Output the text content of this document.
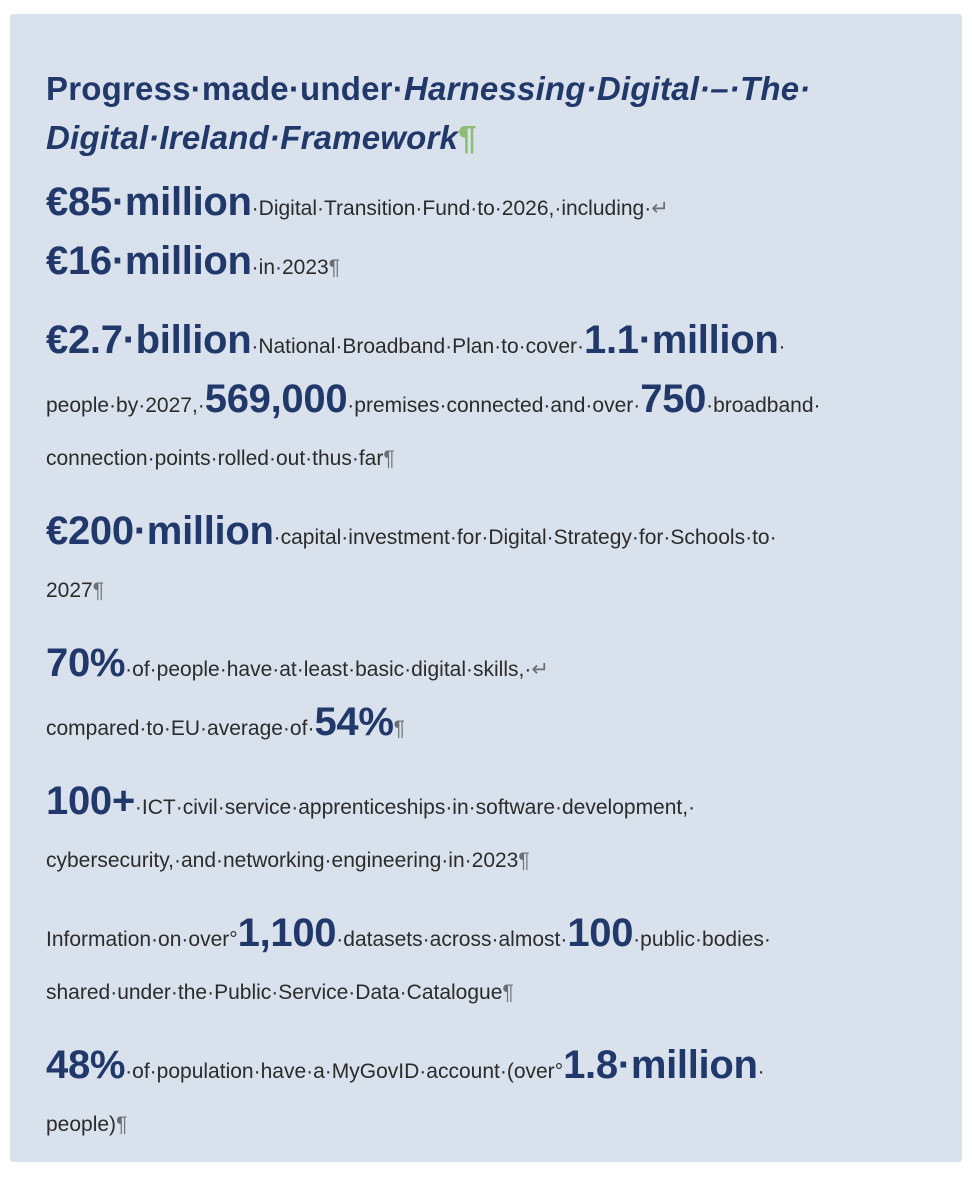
Progress·made·under·Harnessing·Digital·–·The·
Digital·Ireland·Framework¶

€85·million·Digital·Transition·Fund·to·2026,·including·↵
€16·million·in·2023¶

€2.7·billion·National·Broadband·Plan·to·cover·1.1·million·
people·by·2027,·569,000·premises·connected·and·over·750·broadband·
connection·points·rolled·out·thus·far¶

€200·million·capital·investment·for·Digital·Strategy·for·Schools·to·
2027¶

70%·of·people·have·at·least·basic·digital·skills,·↵
compared·to·EU·average·of·54%¶

100+·ICT·civil·service·apprenticeships·in·software·development,·
cybersecurity,·and·networking·engineering·in·2023¶

Information·on·over°1,100·datasets·across·almost·100·public·bodies·
shared·under·the·Public·Service·Data·Catalogue¶

48%·of·population·have·a·MyGovID·account·(over°1.8·million·
people)¶
